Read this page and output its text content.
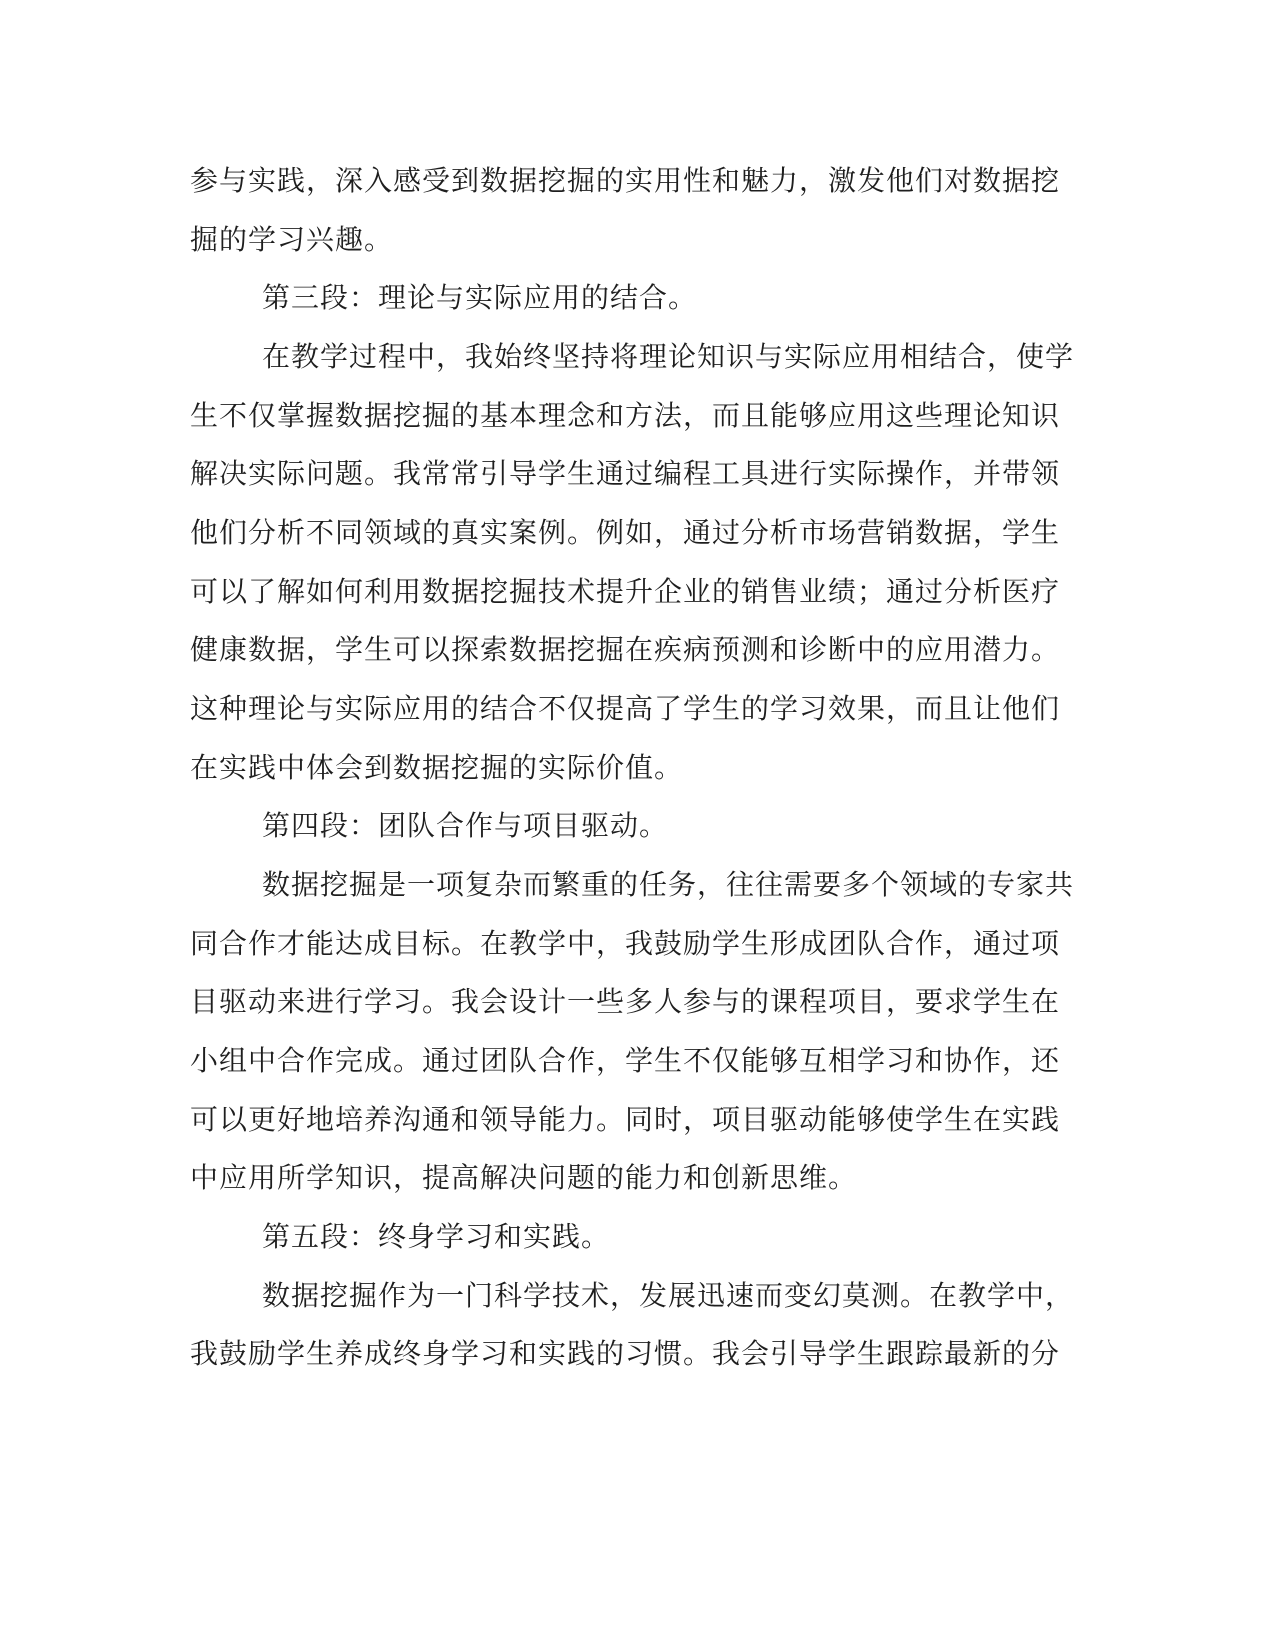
参与实践，深入感受到数据挖掘的实用性和魅力，激发他们对数据挖

掘的学习兴趣。

第三段：理论与实际应用的结合。

在教学过程中，我始终坚持将理论知识与实际应用相结合，使学

生不仅掌握数据挖掘的基本理念和方法，而且能够应用这些理论知识

解决实际问题。我常常引导学生通过编程工具进行实际操作，并带领

他们分析不同领域的真实案例。例如，通过分析市场营销数据，学生

可以了解如何利用数据挖掘技术提升企业的销售业绩；通过分析医疗

健康数据，学生可以探索数据挖掘在疾病预测和诊断中的应用潜力。

这种理论与实际应用的结合不仅提高了学生的学习效果，而且让他们

在实践中体会到数据挖掘的实际价值。

第四段：团队合作与项目驱动。

数据挖掘是一项复杂而繁重的任务，往往需要多个领域的专家共

同合作才能达成目标。在教学中，我鼓励学生形成团队合作，通过项

目驱动来进行学习。我会设计一些多人参与的课程项目，要求学生在

小组中合作完成。通过团队合作，学生不仅能够互相学习和协作，还

可以更好地培养沟通和领导能力。同时，项目驱动能够使学生在实践

中应用所学知识，提高解决问题的能力和创新思维。

第五段：终身学习和实践。

数据挖掘作为一门科学技术，发展迅速而变幻莫测。在教学中，

我鼓励学生养成终身学习和实践的习惯。我会引导学生跟踪最新的分
